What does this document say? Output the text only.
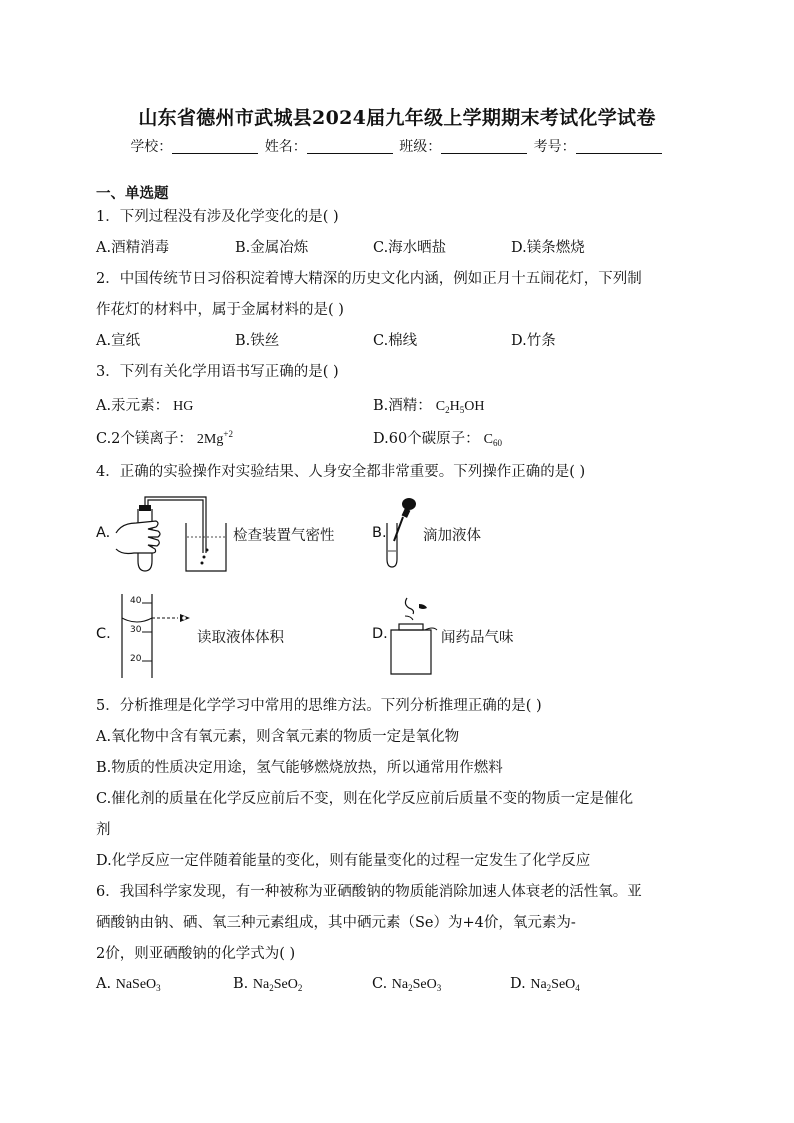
山东省德州市武城县2024届九年级上学期期末考试化学试卷
学校：	姓名：	班级：	考号：
一、单选题
1．下列过程没有涉及化学变化的是( )
A.酒精消毒	B.金属冶炼	C.海水晒盐	D.镁条燃烧
2．中国传统节日习俗积淀着博大精深的历史文化内涵，例如正月十五闹花灯，下列制
作花灯的材料中，属于金属材料的是( )
A.宣纸	B.铁丝	C.棉线	D.竹条
3．下列有关化学用语书写正确的是( )
A.汞元素： HG	B.酒精： $C_2H_5OH$
C.2个镁离子： $2Mg^{+2}$	D.60个碳原子： $C_{60}$
4．正确的实验操作对实验结果、人身安全都非常重要。下列操作正确的是( )
A.	检查装置气密性	B.	滴加液体
C.
40
30
20
读取液体体积	D.	闻药品气味
5．分析推理是化学学习中常用的思维方法。下列分析推理正确的是( )
A.氧化物中含有氧元素，则含氧元素的物质一定是氧化物
B.物质的性质决定用途，氢气能够燃烧放热，所以通常用作燃料
C.催化剂的质量在化学反应前后不变，则在化学反应前后质量不变的物质一定是催化
剂
D.化学反应一定伴随着能量的变化，则有能量变化的过程一定发生了化学反应
6．我国科学家发现，有一种被称为亚硒酸钠的物质能消除加速人体衰老的活性氧。亚
硒酸钠由钠、硒、氧三种元素组成，其中硒元素（Se）为+4价，氧元素为-
2价，则亚硒酸钠的化学式为( )
A. NaSeO$_3$	B. $Na_2SeO_2$	C. $Na_2SeO_3$	D. $Na_2SeO_4$
